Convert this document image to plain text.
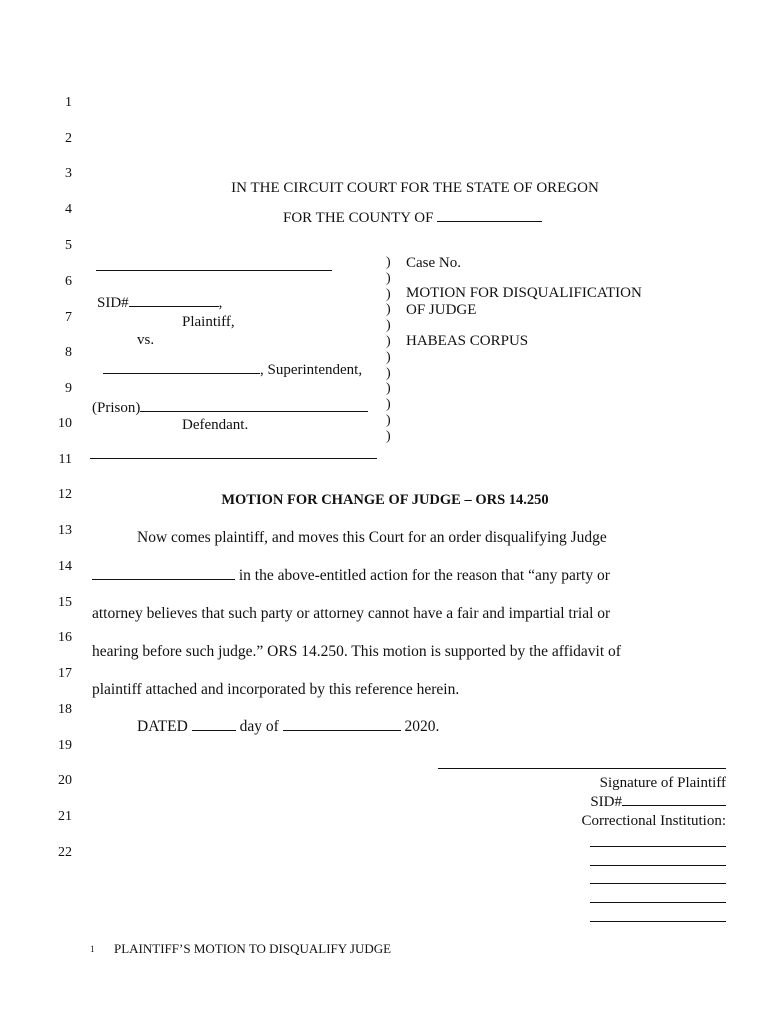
1
2
3
4
5
6
7
8
9
10
11
12
13
14
15
16
17
18
19
20
21
22
IN THE CIRCUIT COURT FOR THE STATE OF OREGON
FOR THE COUNTY OF
SID#	,
Plaintiff,
vs.
, Superintendent,
(Prison)
Defendant.
)
)
)
)
)
)
)
)
)
)
)
)
Case No.
MOTION FOR DISQUALIFICATION
OF JUDGE
HABEAS CORPUS
MOTION FOR CHANGE OF JUDGE – ORS 14.250
Now comes plaintiff, and moves this Court for an order disqualifying Judge
in the above-entitled action for the reason that “any party or
attorney believes that such party or attorney cannot have a fair and impartial trial or
hearing before such judge.” ORS 14.250. This motion is supported by the affidavit of
plaintiff attached and incorporated by this reference herein.
DATED	day of	2020.
Signature of Plaintiff
SID#
Correctional Institution:
1 PLAINTIFF’S MOTION TO DISQUALIFY JUDGE
